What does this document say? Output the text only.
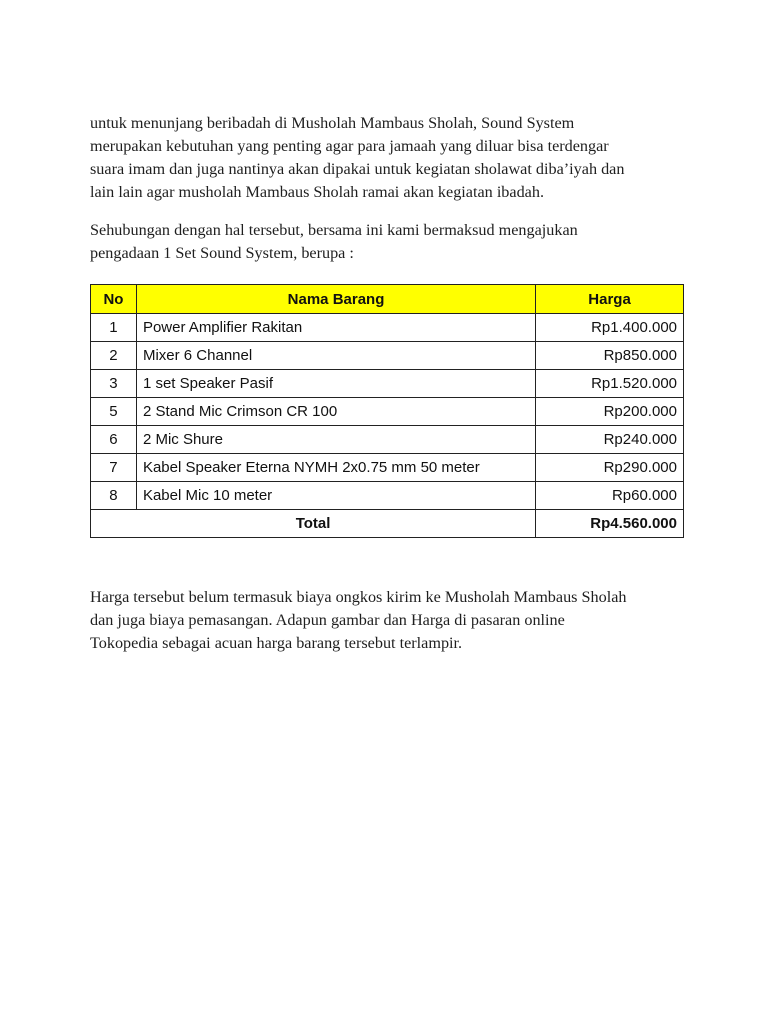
untuk menunjang beribadah di Musholah Mambaus Sholah, Sound System
merupakan kebutuhan yang penting agar para jamaah yang diluar bisa terdengar
suara imam dan juga nantinya akan dipakai untuk kegiatan sholawat diba’iyah dan
lain lain agar musholah Mambaus Sholah ramai akan kegiatan ibadah.

Sehubungan dengan hal tersebut, bersama ini kami bermaksud mengajukan
pengadaan 1 Set Sound System, berupa :

No	Nama Barang	Harga
1	Power Amplifier Rakitan	Rp1.400.000
2	Mixer 6 Channel	Rp850.000
3	1 set Speaker Pasif	Rp1.520.000
5	2 Stand Mic Crimson CR 100	Rp200.000
6	2 Mic Shure	Rp240.000
7	Kabel Speaker Eterna NYMH 2x0.75 mm 50 meter	Rp290.000
8	Kabel Mic 10 meter	Rp60.000
Total		Rp4.560.000

Harga tersebut belum termasuk biaya ongkos kirim ke Musholah Mambaus Sholah
dan juga biaya pemasangan. Adapun gambar dan Harga di pasaran online
Tokopedia sebagai acuan harga barang tersebut terlampir.
